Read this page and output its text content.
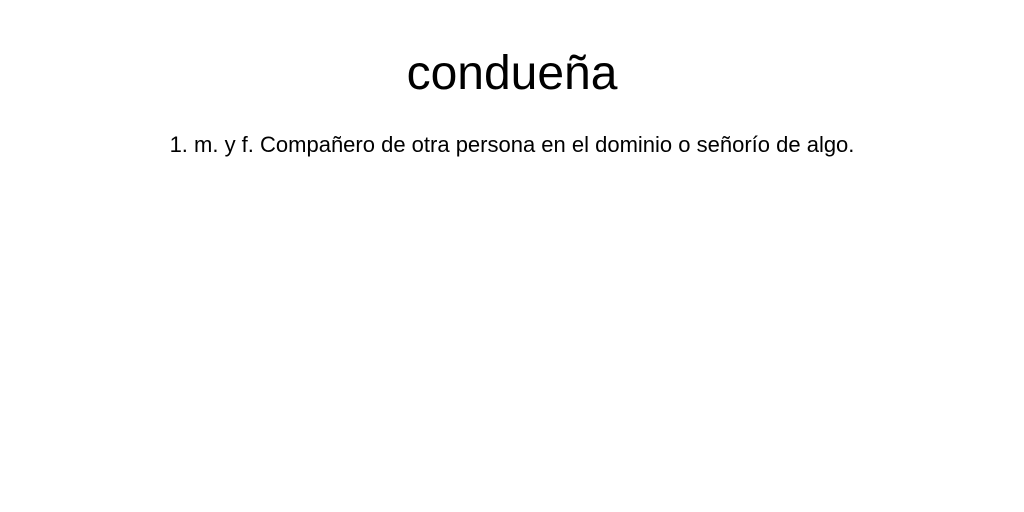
condueña

1. m. y f. Compañero de otra persona en el dominio o señorío de algo.
